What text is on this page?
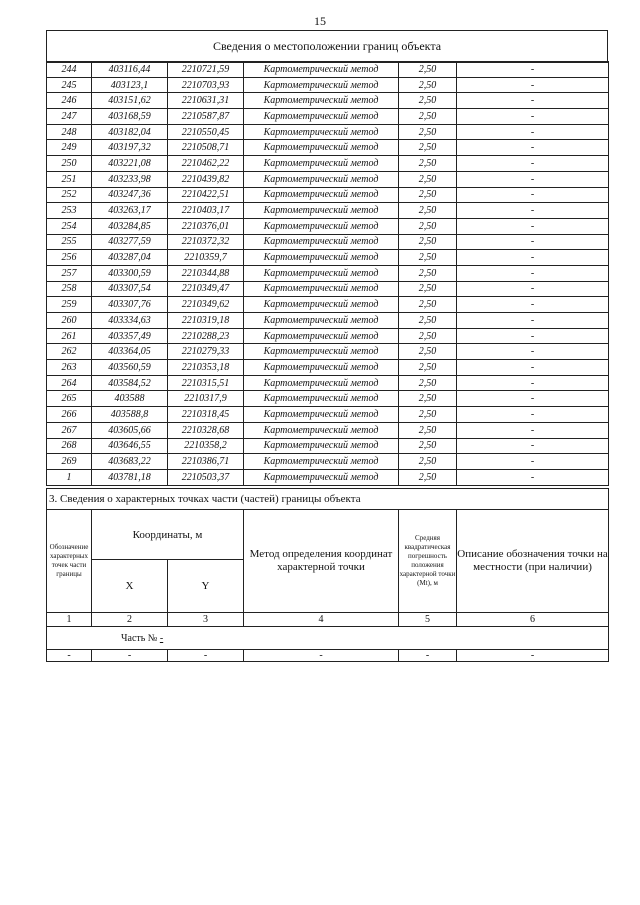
15
Сведения о местоположении границ объекта
244	403116,44	2210721,59	Картометрический метод	2,50	-
245	403123,1	2210703,93	Картометрический метод	2,50	-
246	403151,62	2210631,31	Картометрический метод	2,50	-
247	403168,59	2210587,87	Картометрический метод	2,50	-
248	403182,04	2210550,45	Картометрический метод	2,50	-
249	403197,32	2210508,71	Картометрический метод	2,50	-
250	403221,08	2210462,22	Картометрический метод	2,50	-
251	403233,98	2210439,82	Картометрический метод	2,50	-
252	403247,36	2210422,51	Картометрический метод	2,50	-
253	403263,17	2210403,17	Картометрический метод	2,50	-
254	403284,85	2210376,01	Картометрический метод	2,50	-
255	403277,59	2210372,32	Картометрический метод	2,50	-
256	403287,04	2210359,7	Картометрический метод	2,50	-
257	403300,59	2210344,88	Картометрический метод	2,50	-
258	403307,54	2210349,47	Картометрический метод	2,50	-
259	403307,76	2210349,62	Картометрический метод	2,50	-
260	403334,63	2210319,18	Картометрический метод	2,50	-
261	403357,49	2210288,23	Картометрический метод	2,50	-
262	403364,05	2210279,33	Картометрический метод	2,50	-
263	403560,59	2210353,18	Картометрический метод	2,50	-
264	403584,52	2210315,51	Картометрический метод	2,50	-
265	403588	2210317,9	Картометрический метод	2,50	-
266	403588,8	2210318,45	Картометрический метод	2,50	-
267	403605,66	2210328,68	Картометрический метод	2,50	-
268	403646,55	2210358,2	Картометрический метод	2,50	-
269	403683,22	2210386,71	Картометрический метод	2,50	-
1	403781,18	2210503,37	Картометрический метод	2,50	-
3. Сведения о характерных точках части (частей) границы объекта					
Обозначение характерных точек части границы	Координаты, м		Метод определения координат характерной точки	Средняя квадратическая погрешность положения характерной точки (Mt), м	Описание обозначения точки на местности (при наличии)
	X	Y			
1	2	3	4	5	6
Часть № -					
-	-	-	-	-	-
